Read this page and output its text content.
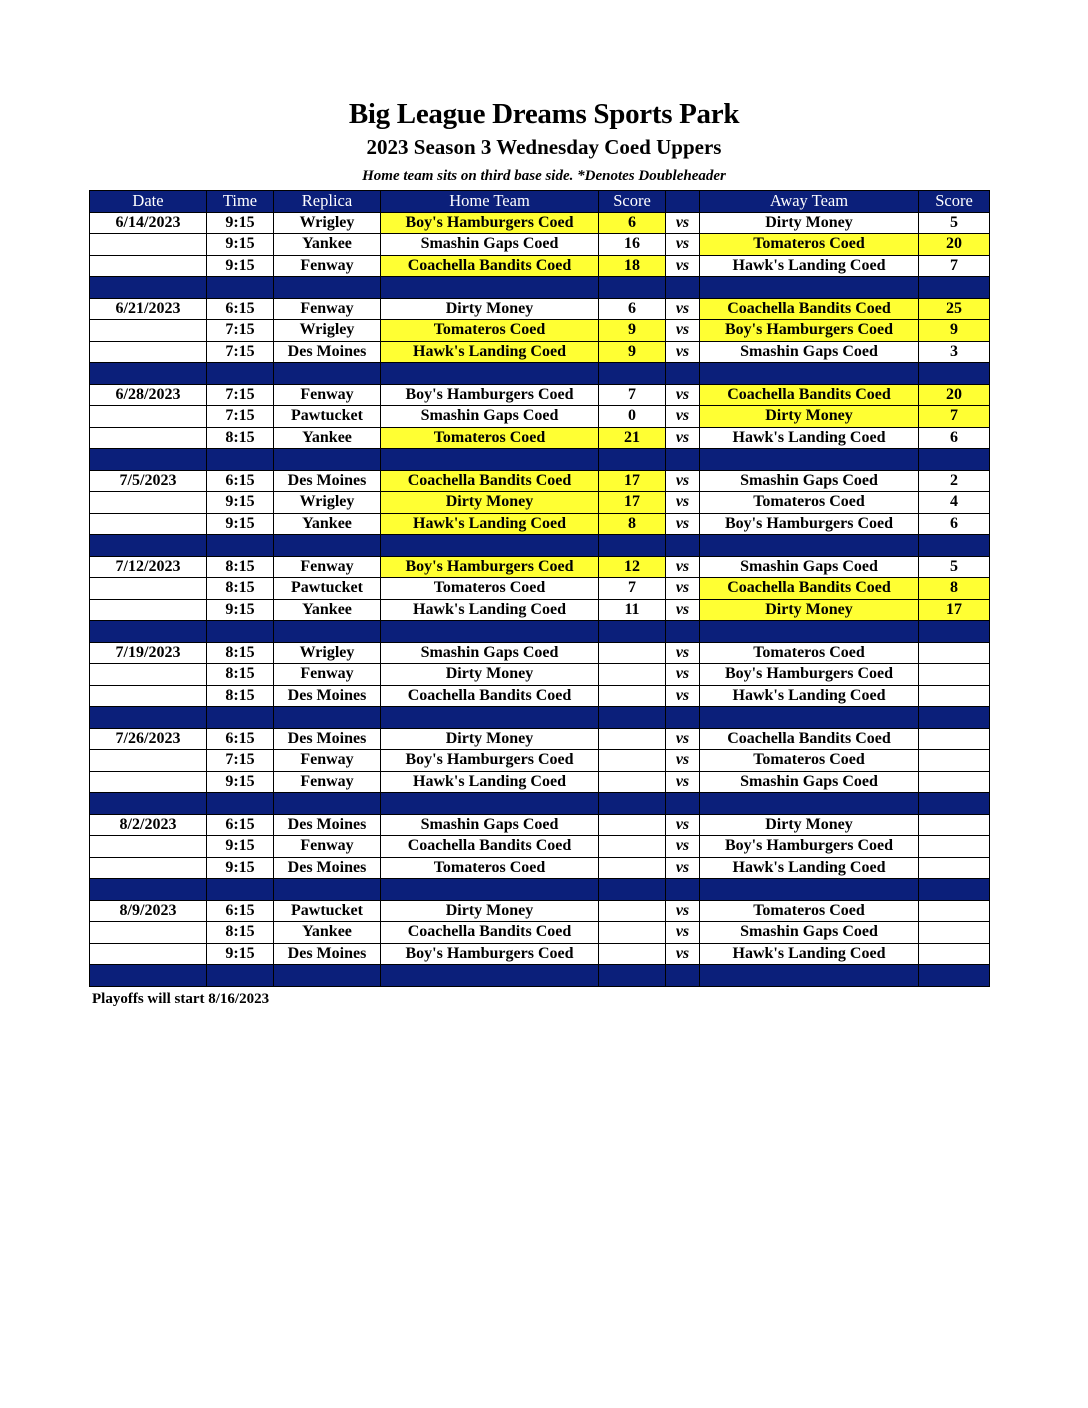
Big League Dreams Sports Park
2023 Season 3 Wednesday Coed Uppers
Home team sits on third base side. *Denotes Doubleheader
Date	Time	Replica	Home Team	Score		Away Team	Score
6/14/2023	9:15	Wrigley	Boy's Hamburgers Coed	6	vs	Dirty Money	5
	9:15	Yankee	Smashin Gaps Coed	16	vs	Tomateros Coed	20
	9:15	Fenway	Coachella Bandits Coed	18	vs	Hawk's Landing Coed	7

6/21/2023	6:15	Fenway	Dirty Money	6	vs	Coachella Bandits Coed	25
	7:15	Wrigley	Tomateros Coed	9	vs	Boy's Hamburgers Coed	9
	7:15	Des Moines	Hawk's Landing Coed	9	vs	Smashin Gaps Coed	3

6/28/2023	7:15	Fenway	Boy's Hamburgers Coed	7	vs	Coachella Bandits Coed	20
	7:15	Pawtucket	Smashin Gaps Coed	0	vs	Dirty Money	7
	8:15	Yankee	Tomateros Coed	21	vs	Hawk's Landing Coed	6

7/5/2023	6:15	Des Moines	Coachella Bandits Coed	17	vs	Smashin Gaps Coed	2
	9:15	Wrigley	Dirty Money	17	vs	Tomateros Coed	4
	9:15	Yankee	Hawk's Landing Coed	8	vs	Boy's Hamburgers Coed	6

7/12/2023	8:15	Fenway	Boy's Hamburgers Coed	12	vs	Smashin Gaps Coed	5
	8:15	Pawtucket	Tomateros Coed	7	vs	Coachella Bandits Coed	8
	9:15	Yankee	Hawk's Landing Coed	11	vs	Dirty Money	17

7/19/2023	8:15	Wrigley	Smashin Gaps Coed		vs	Tomateros Coed	
	8:15	Fenway	Dirty Money		vs	Boy's Hamburgers Coed	
	8:15	Des Moines	Coachella Bandits Coed		vs	Hawk's Landing Coed	

7/26/2023	6:15	Des Moines	Dirty Money		vs	Coachella Bandits Coed	
	7:15	Fenway	Boy's Hamburgers Coed		vs	Tomateros Coed	
	9:15	Fenway	Hawk's Landing Coed		vs	Smashin Gaps Coed	

8/2/2023	6:15	Des Moines	Smashin Gaps Coed		vs	Dirty Money	
	9:15	Fenway	Coachella Bandits Coed		vs	Boy's Hamburgers Coed	
	9:15	Des Moines	Tomateros Coed		vs	Hawk's Landing Coed	

8/9/2023	6:15	Pawtucket	Dirty Money		vs	Tomateros Coed	
	8:15	Yankee	Coachella Bandits Coed		vs	Smashin Gaps Coed	
	9:15	Des Moines	Boy's Hamburgers Coed		vs	Hawk's Landing Coed	

Playoffs will start 8/16/2023
